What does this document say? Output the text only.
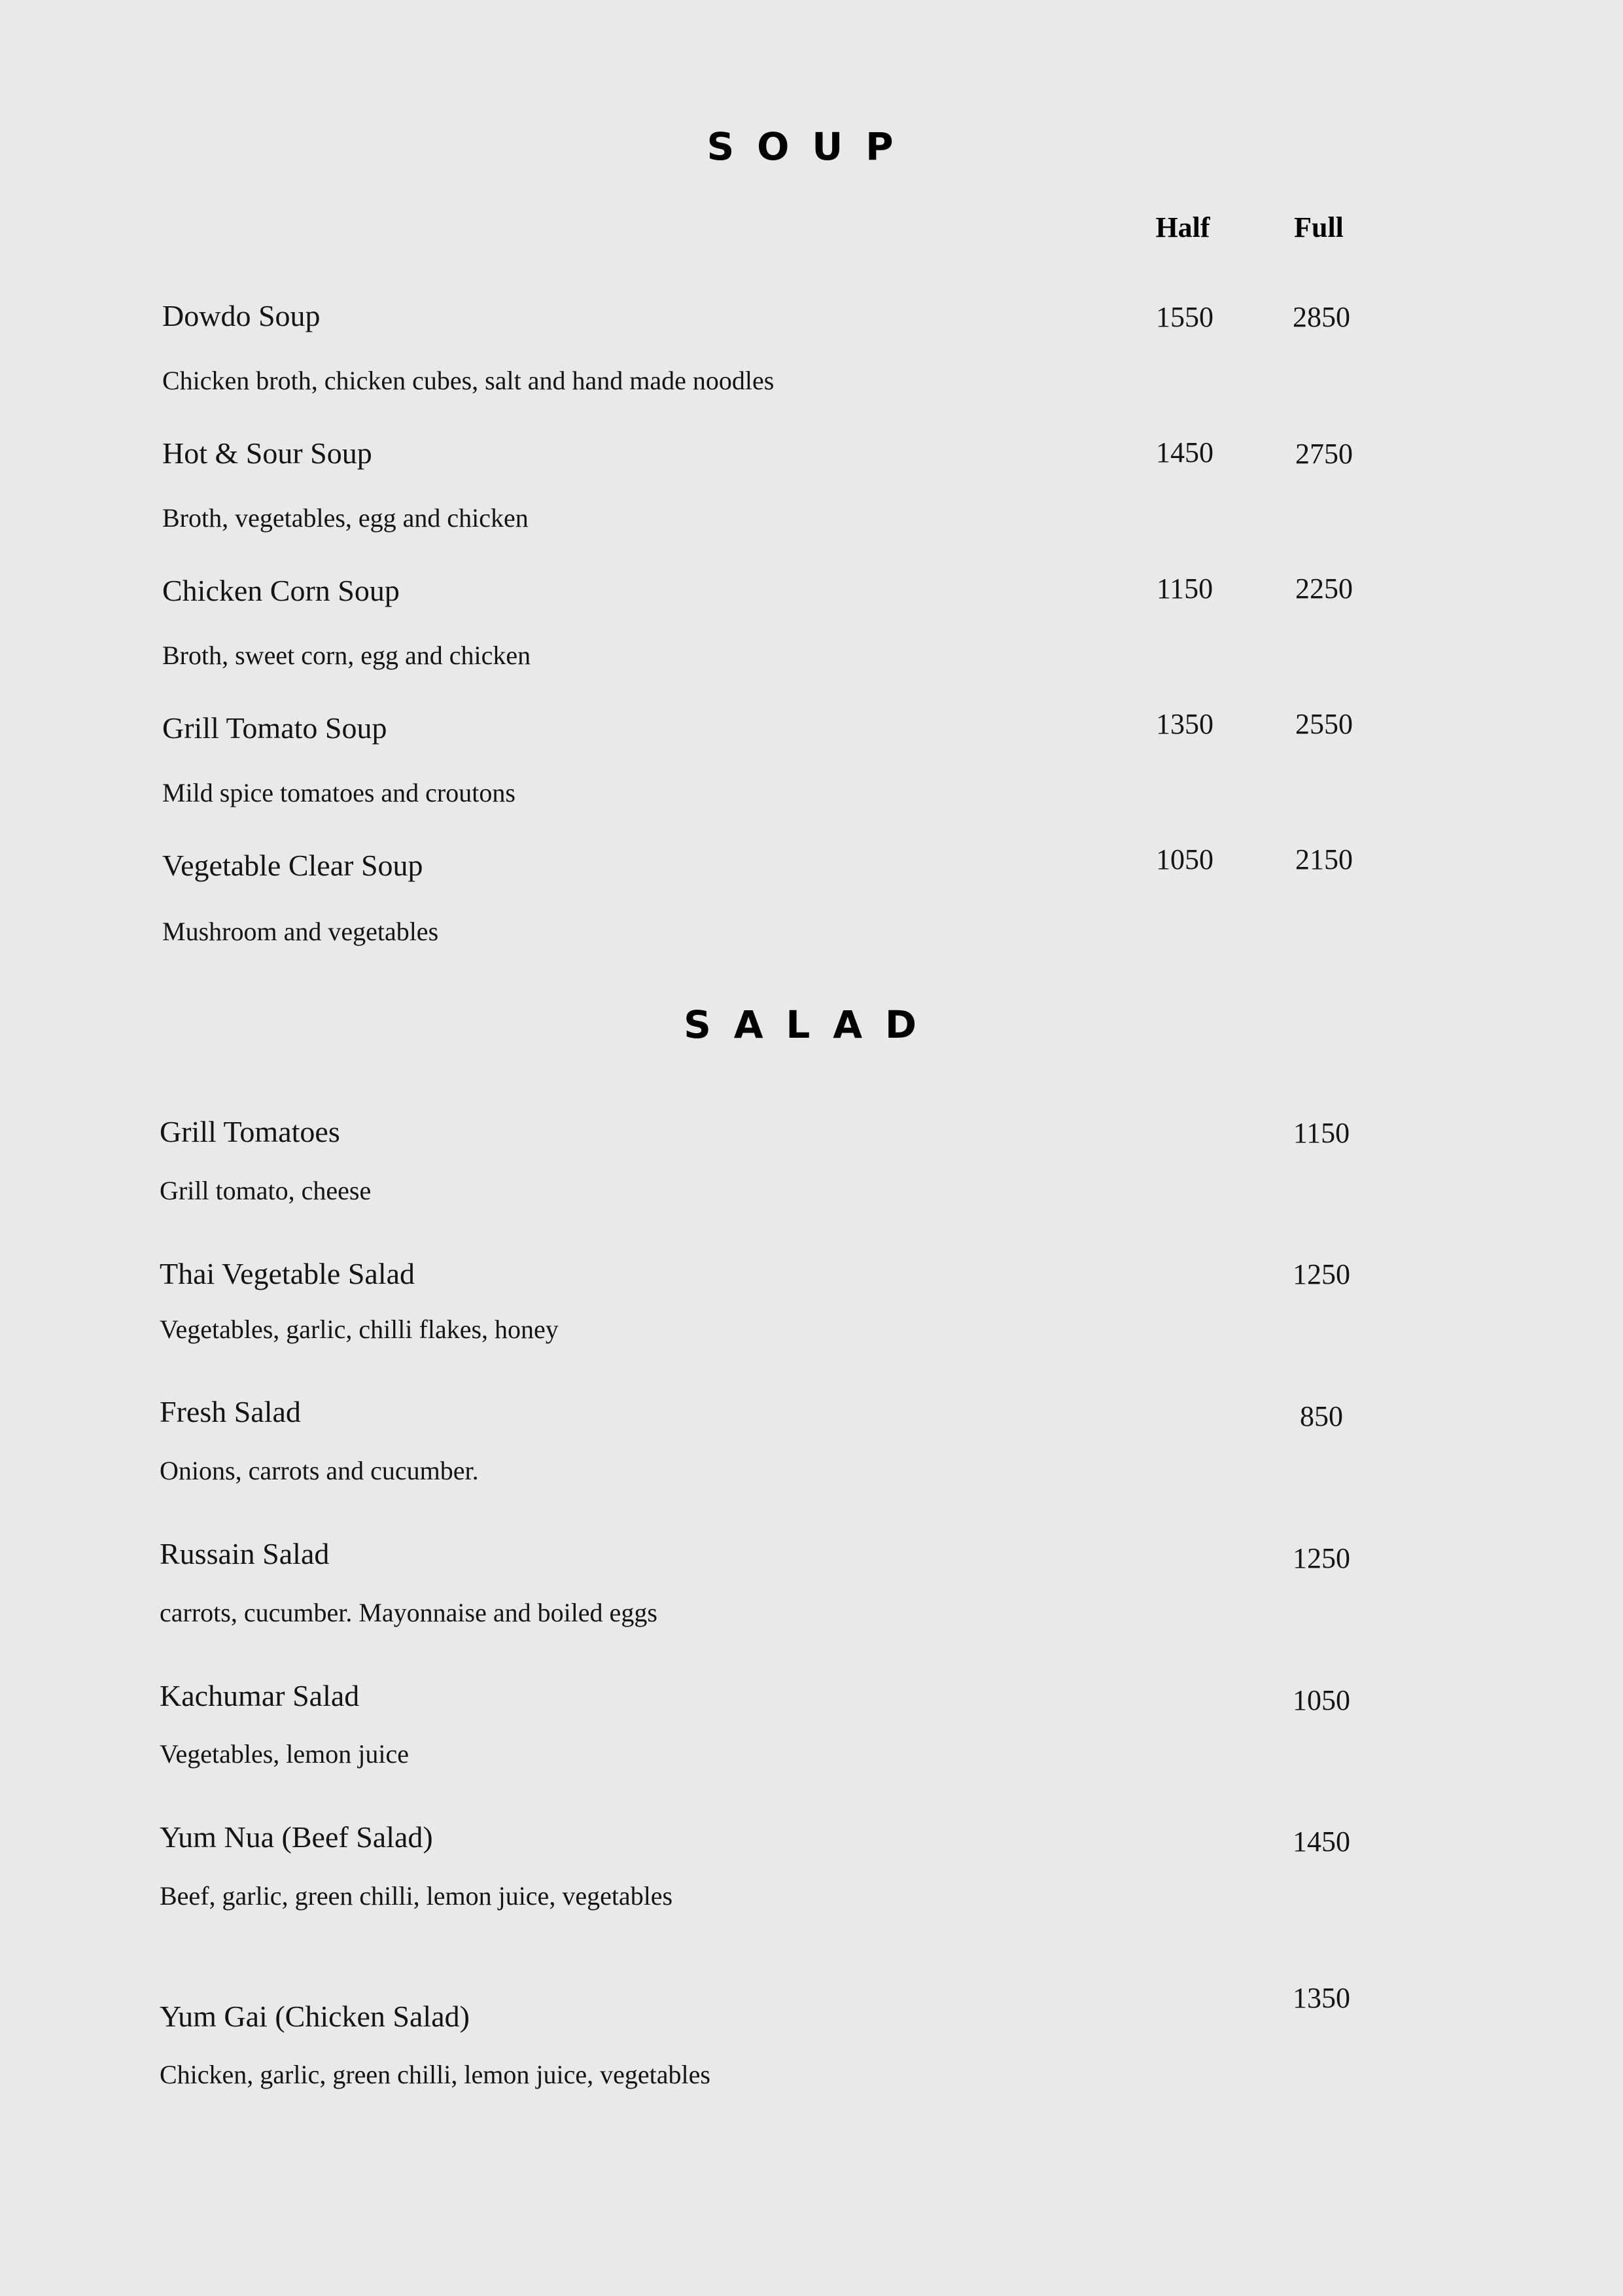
SOUP
Half	Full
Dowdo Soup
Chicken broth, chicken cubes, salt and hand made noodles
1550	2850
Hot & Sour Soup
Broth, vegetables, egg and chicken
1450	2750
Chicken Corn Soup
Broth, sweet corn, egg and chicken
1150	2250
Grill Tomato Soup
Mild spice tomatoes and croutons
1350	2550
Vegetable Clear Soup
Mushroom and vegetables
1050	2150
SALAD
Grill Tomatoes
Grill tomato, cheese
1150
Thai Vegetable Salad
Vegetables, garlic, chilli flakes, honey
1250
Fresh Salad
Onions, carrots and cucumber.
850
Russain Salad
carrots, cucumber. Mayonnaise and boiled eggs
1250
Kachumar Salad
Vegetables, lemon juice
1050
Yum Nua (Beef Salad)
Beef, garlic, green chilli, lemon juice, vegetables
1450
Yum Gai (Chicken Salad)
Chicken, garlic, green chilli, lemon juice, vegetables
1350
